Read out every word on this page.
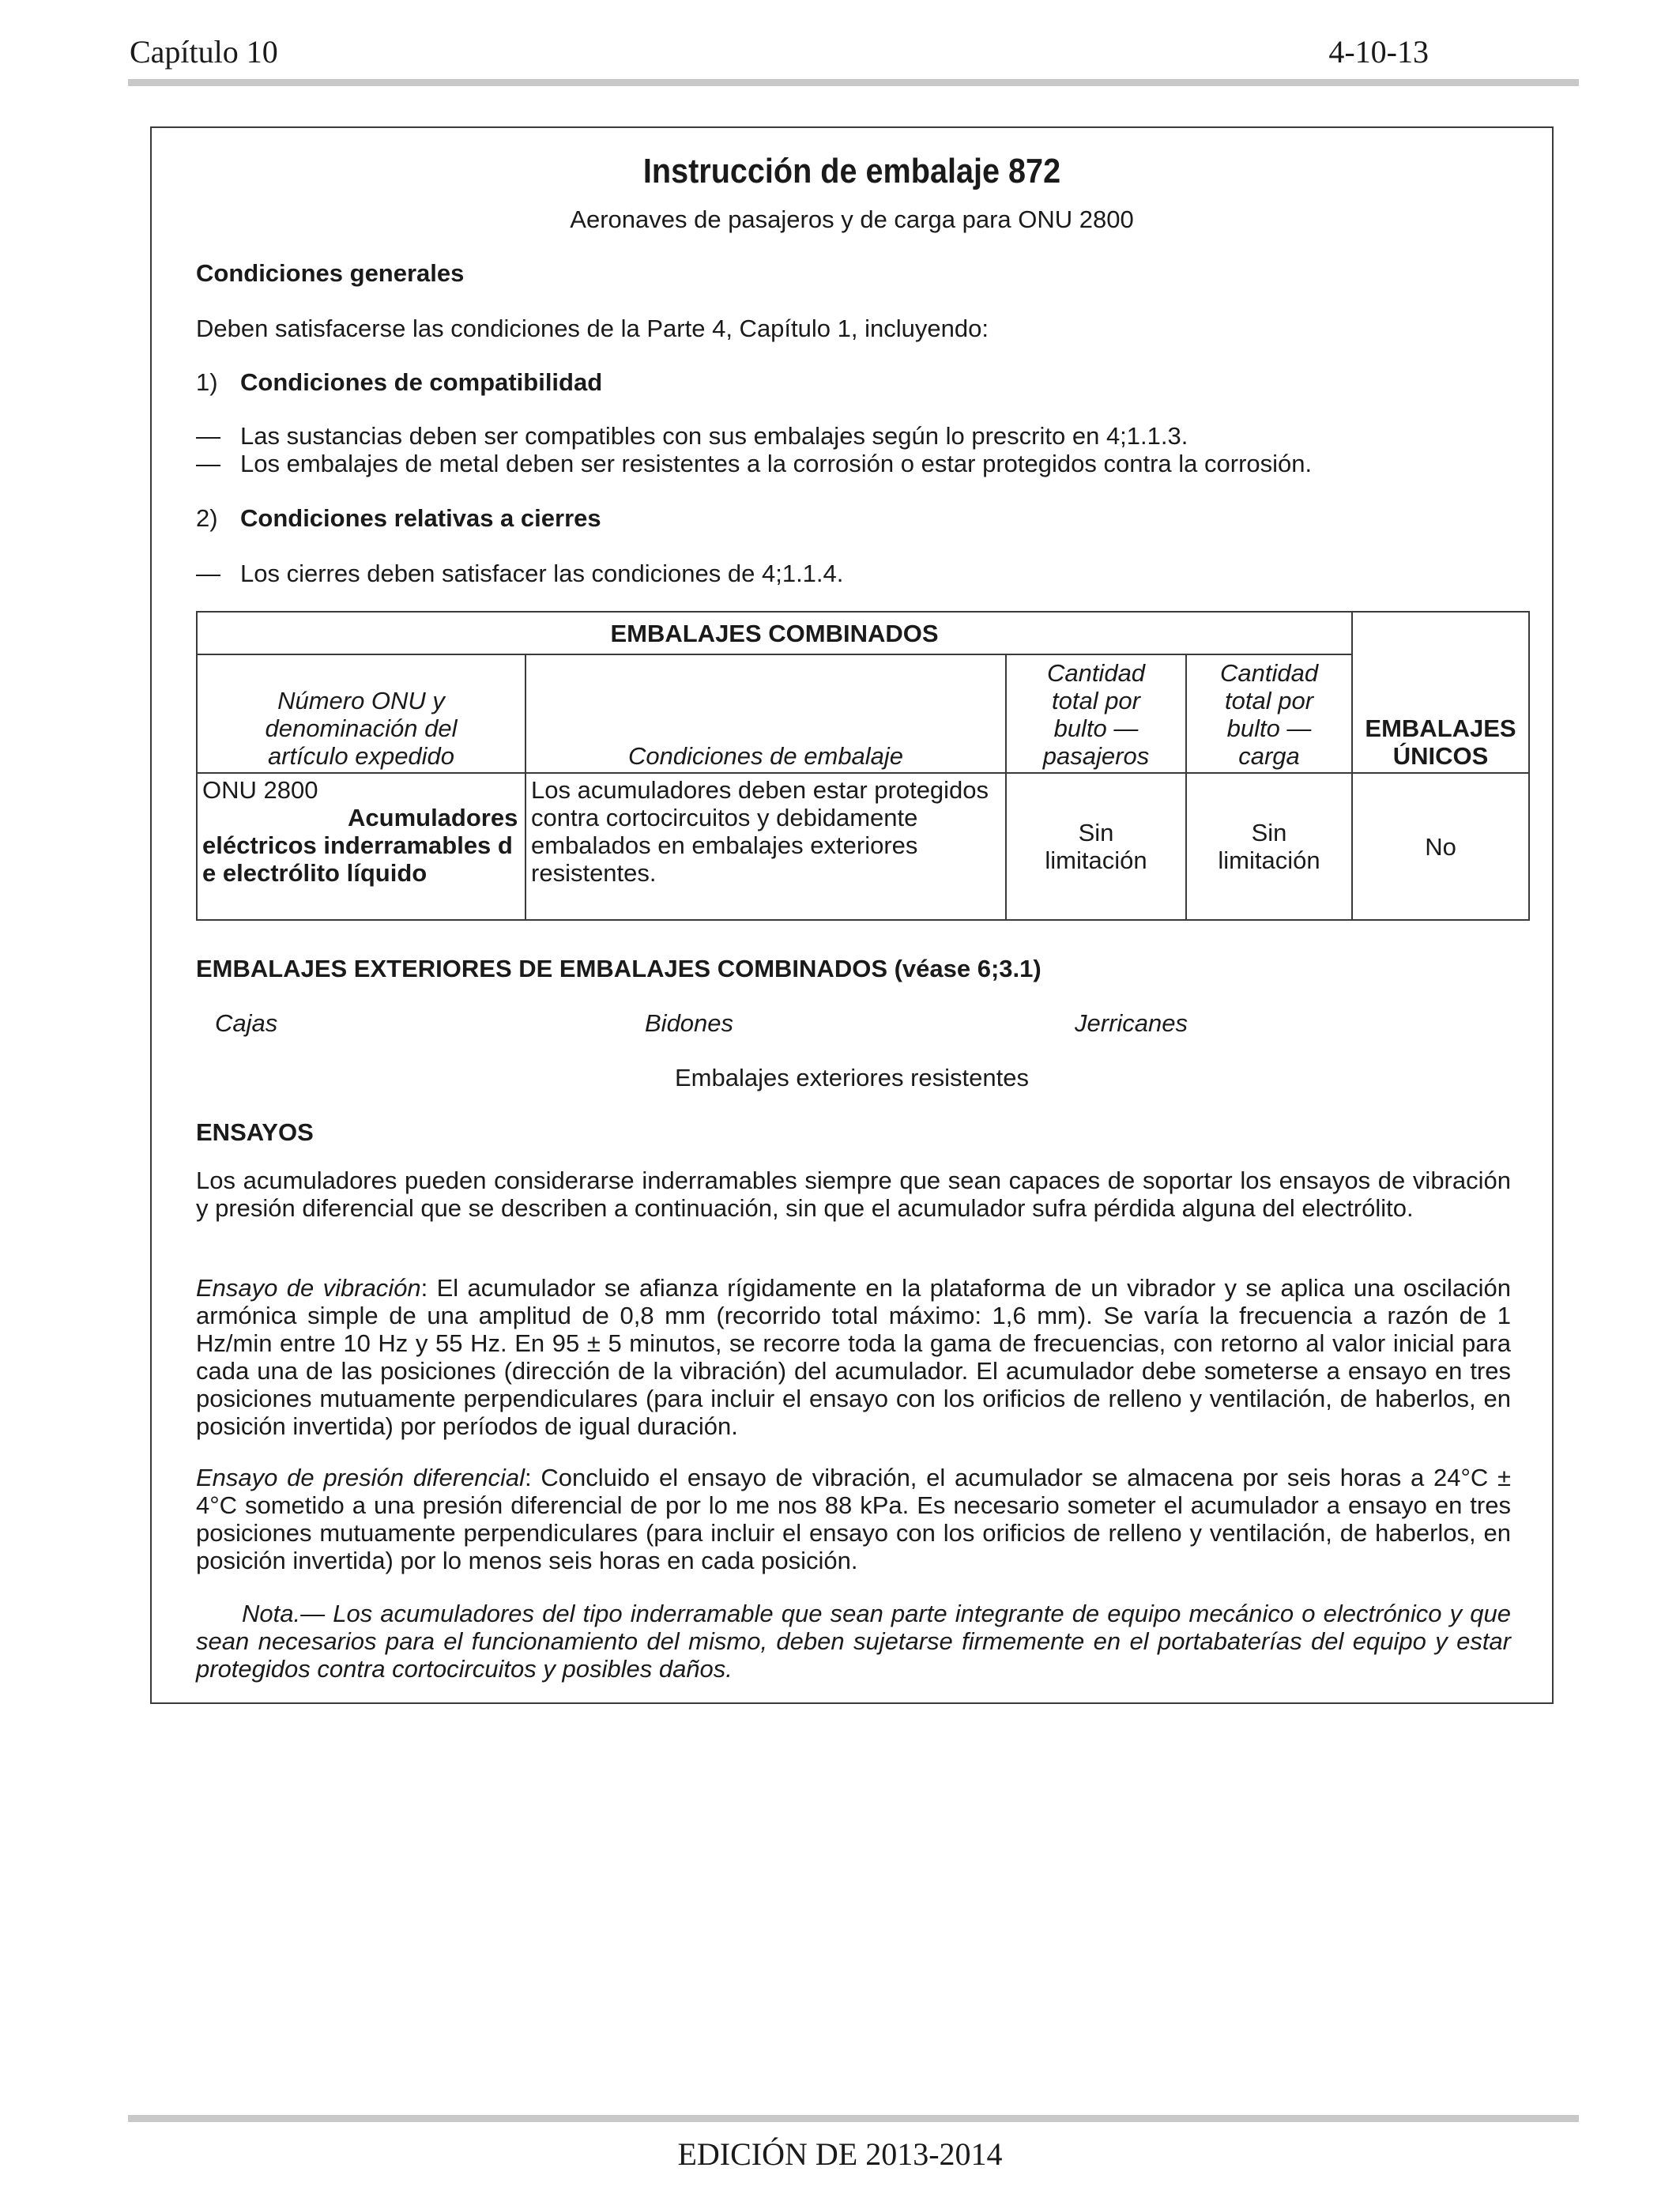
Capítulo 10	4-10-13
Instrucción de embalaje 872
Aeronaves de pasajeros y de carga para ONU 2800
Condiciones generales
Deben satisfacerse las condiciones de la Parte 4, Capítulo 1, incluyendo:
1) Condiciones de compatibilidad
— Las sustancias deben ser compatibles con sus embalajes según lo prescrito en 4;1.1.3.
— Los embalajes de metal deben ser resistentes a la corrosión o estar protegidos contra la corrosión.
2) Condiciones relativas a cierres
— Los cierres deben satisfacer las condiciones de 4;1.1.4.
EMBALAJES COMBINADOS				EMBALAJES ÚNICOS
Número ONU y denominación del artículo expedido	Condiciones de embalaje	Cantidad total por bulto — pasajeros	Cantidad total por bulto — carga	

ONU 2800
Acumuladores eléctricos inderramables de electrólito líquido	Los acumuladores deben estar protegidos contra cortocircuitos y debidamente embalados en embalajes exteriores resistentes.	Sin limitación	Sin limitación	No
EMBALAJES EXTERIORES DE EMBALAJES COMBINADOS (véase 6;3.1)
Cajas	Bidones	Jerricanes
Embalajes exteriores resistentes
ENSAYOS
Los acumuladores pueden considerarse inderramables siempre que sean capaces de soportar los ensayos de vibración y presión diferencial que se describen a continuación, sin que el acumulador sufra pérdida alguna del electrólito.
Ensayo de vibración: El acumulador se afianza rígidamente en la plataforma de un vibrador y se aplica una oscilación armónica simple de una amplitud de 0,8 mm (recorrido total máximo: 1,6 mm). Se varía la frecuencia a razón de 1 Hz/min entre 10 Hz y 55 Hz. En 95 ± 5 minutos, se recorre toda la gama de frecuencias, con retorno al valor inicial para cada una de las posiciones (dirección de la vibración) del acumulador. El acumulador debe someterse a ensayo en tres posiciones mutuamente perpendiculares (para incluir el ensayo con los orificios de relleno y ventilación, de haberlos, en posición invertida) por períodos de igual duración.
Ensayo de presión diferencial: Concluido el ensayo de vibración, el acumulador se almacena por seis horas a 24°C ± 4°C sometido a una presión diferencial de por lo me nos 88 kPa. Es necesario someter el acumulador a ensayo en tres posiciones mutuamente perpendiculares (para incluir el ensayo con los orificios de relleno y ventilación, de haberlos, en posición invertida) por lo menos seis horas en cada posición.
Nota.— Los acumuladores del tipo inderramable que sean parte integrante de equipo mecánico o electrónico y que sean necesarios para el funcionamiento del mismo, deben sujetarse firmemente en el portabaterías del equipo y estar protegidos contra cortocircuitos y posibles daños.
EDICIÓN DE 2013-2014
